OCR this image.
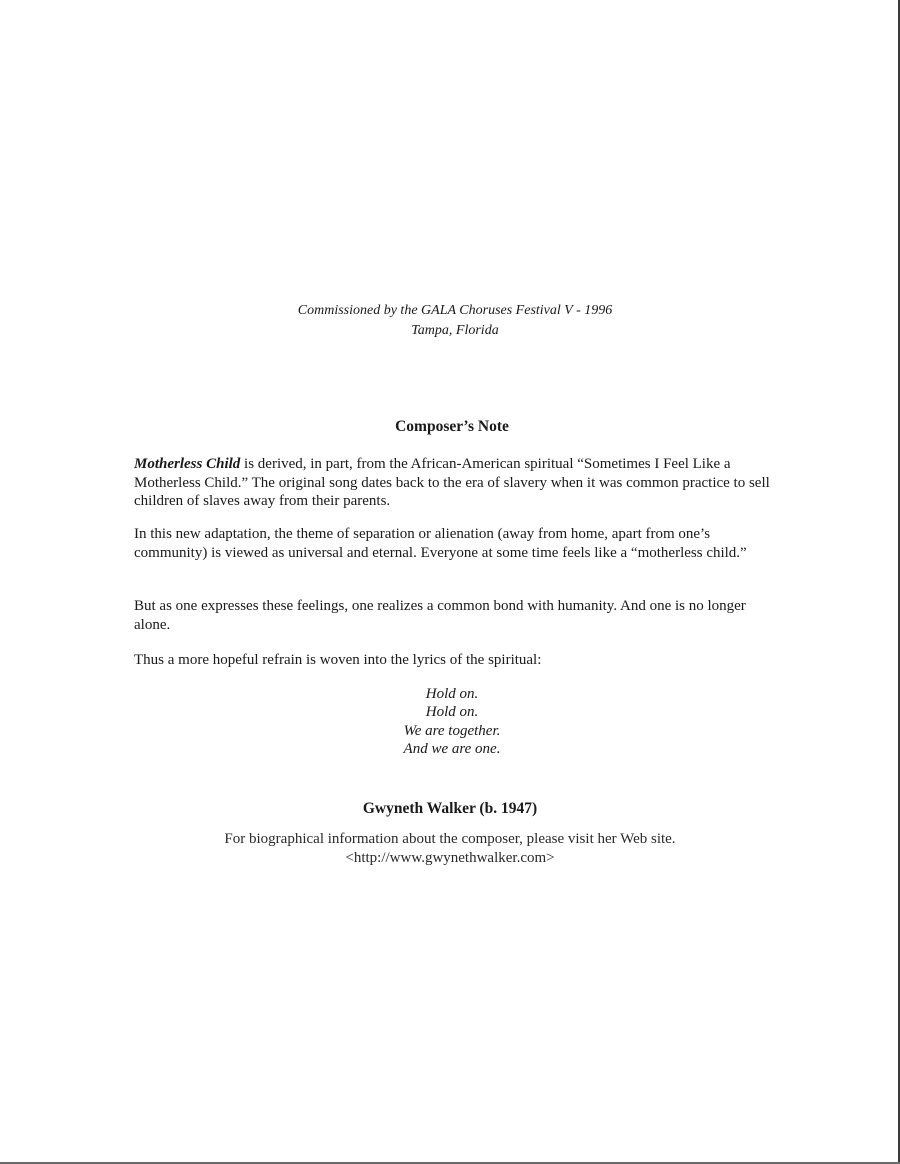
Commissioned by the GALA Choruses Festival V - 1996
Tampa, Florida
Composer’s Note

Motherless Child is derived, in part, from the African-American spiritual “Sometimes I Feel Like a Motherless Child.” The original song dates back to the era of slavery when it was common practice to sell children of slaves away from their parents.

In this new adaptation, the theme of separation or alienation (away from home, apart from one’s community) is viewed as universal and eternal. Everyone at some time feels like a “motherless child.”

But as one expresses these feelings, one realizes a common bond with humanity. And one is no longer alone.

Thus a more hopeful refrain is woven into the lyrics of the spiritual:

Hold on.
Hold on.
We are together.
And we are one.
Gwyneth Walker (b. 1947)
For biographical information about the composer, please visit her Web site.
<http://www.gwynethwalker.com>
